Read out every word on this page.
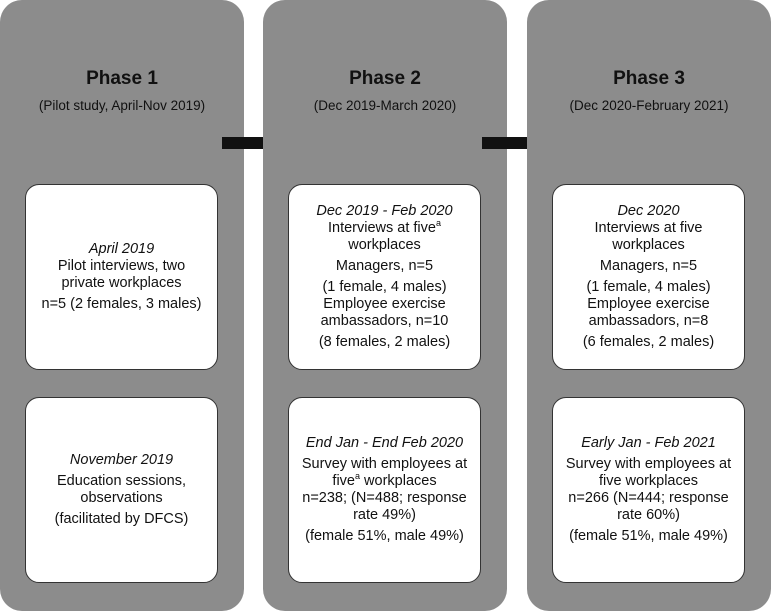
Phase 1
(Pilot study, April-Nov 2019)
April 2019
Pilot interviews, two
private workplaces
n=5 (2 females, 3 males)
November 2019
Education sessions,
observations
(facilitated by DFCS)
Phase 2
(Dec 2019-March 2020)
Dec 2019 - Feb 2020
Interviews at five$^a$
workplaces
Managers, n=5
(1 female, 4 males)
Employee exercise
ambassadors, n=10
(8 females, 2 males)
End Jan - End Feb 2020
Survey with employees at
five$^a$ workplaces
n=238; (N=488; response
rate 49%)
(female 51%, male 49%)
Phase 3
(Dec 2020-February 2021)
Dec 2020
Interviews at five
workplaces
Managers, n=5
(1 female, 4 males)
Employee exercise
ambassadors, n=8
(6 females, 2 males)
Early Jan - Feb 2021
Survey with employees at
five workplaces
n=266 (N=444; response
rate 60%)
(female 51%, male 49%)
